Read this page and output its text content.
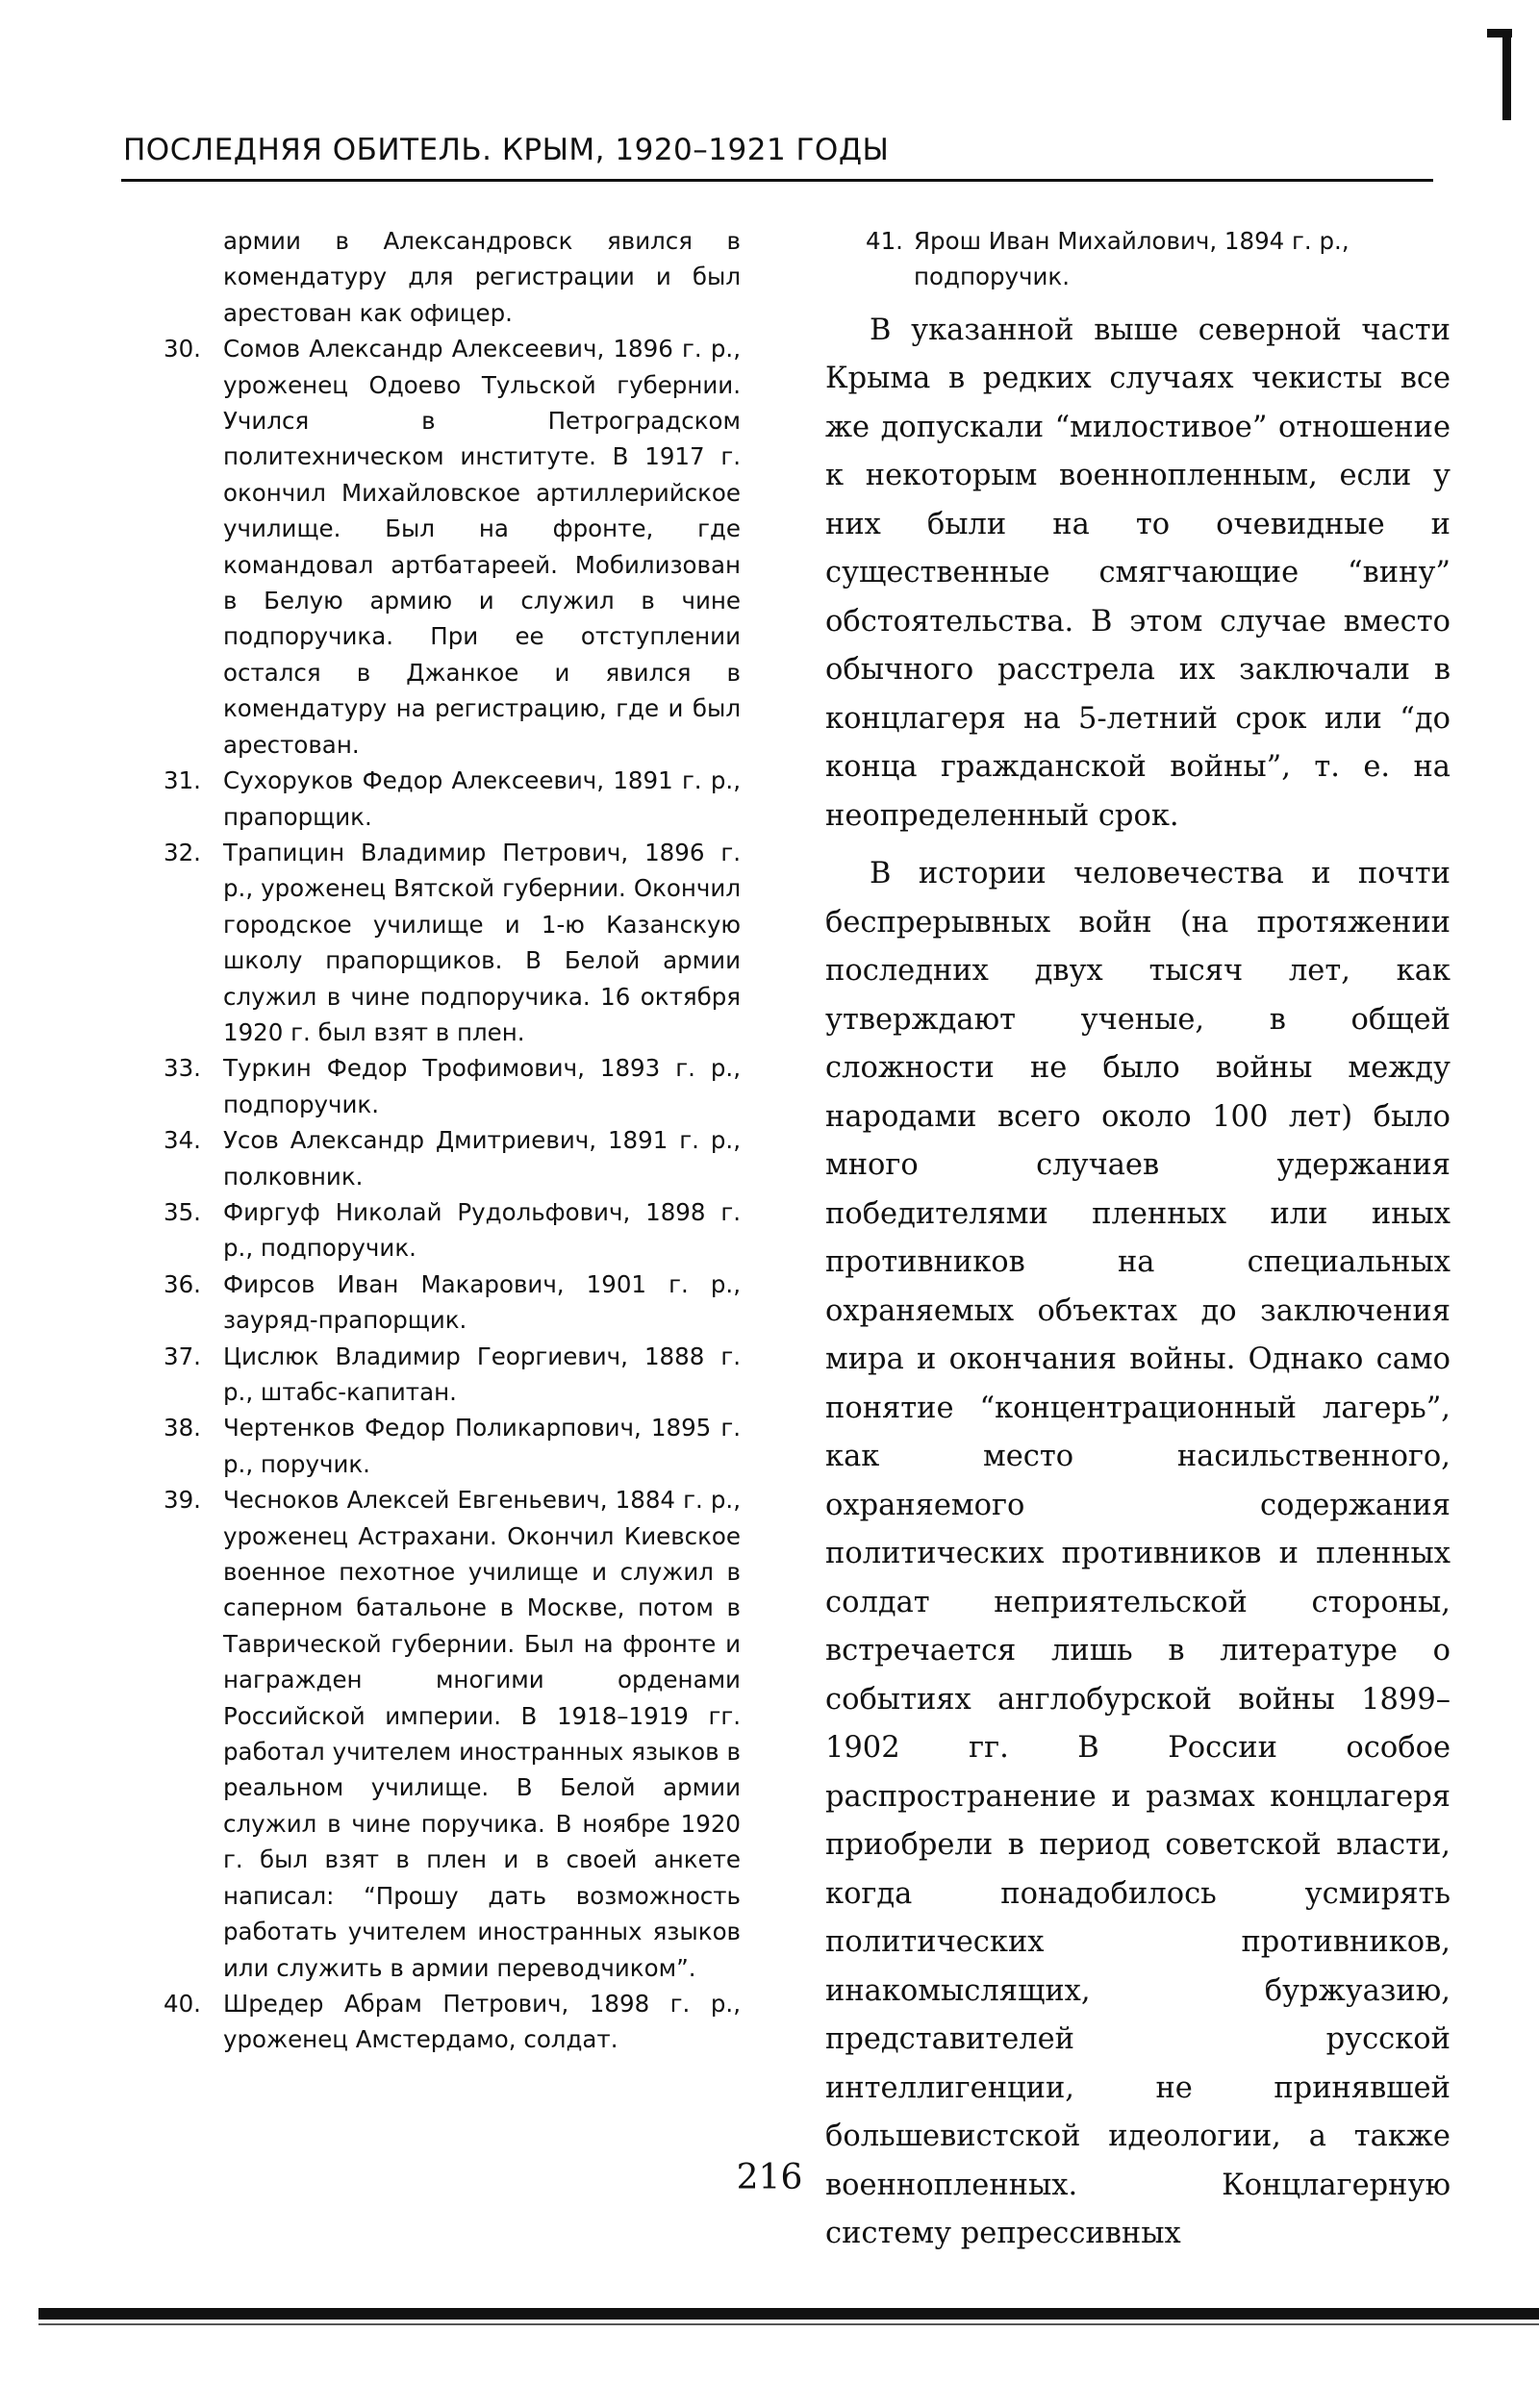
ПОСЛЕДНЯЯ ОБИТЕЛЬ. КРЫМ, 1920–1921 ГОДЫ

армии в Александровск явился в комендатуру для регистрации и был арестован как офицер.

30. Сомов Александр Алексеевич, 1896 г. р., уроженец Одоево Тульской губернии. Учился в Петроградском политехническом институте. В 1917 г. окончил Михайловское артиллерийское училище. Был на фронте, где командовал артбатареей. Мобилизован в Белую армию и служил в чине подпоручика. При ее отступлении остался в Джанкое и явился в комендатуру на регистрацию, где и был арестован.
31. Сухоруков Федор Алексеевич, 1891 г. р., прапорщик.
32. Трапицин Владимир Петрович, 1896 г. р., уроженец Вятской губернии. Окончил городское училище и 1-ю Казанскую школу прапорщиков. В Белой армии служил в чине подпоручика. 16 октября 1920 г. был взят в плен.
33. Туркин Федор Трофимович, 1893 г. р., подпоручик.
34. Усов Александр Дмитриевич, 1891 г. р., полковник.
35. Фиргуф Николай Рудольфович, 1898 г. р., подпоручик.
36. Фирсов Иван Макарович, 1901 г. р., зауряд-прапорщик.
37. Цислюк Владимир Георгиевич, 1888 г. р., штабс-капитан.
38. Чертенков Федор Поликарпович, 1895 г. р., поручик.
39. Чесноков Алексей Евгеньевич, 1884 г. р., уроженец Астрахани. Окончил Киевское военное пехотное училище и служил в саперном батальоне в Москве, потом в Таврической губернии. Был на фронте и награжден многими орденами Российской империи. В 1918–1919 гг. работал учителем иностранных языков в реальном училище. В Белой армии служил в чине поручика. В ноябре 1920 г. был взят в плен и в своей анкете написал: “Прошу дать возможность работать учителем иностранных языков или служить в армии переводчиком”.
40. Шредер Абрам Петрович, 1898 г. р., уроженец Амстердамо, солдат.
41. Ярош Иван Михайлович, 1894 г. р., подпоручик.

В указанной выше северной части Крыма в редких случаях чекисты все же допускали “милостивое” отношение к некоторым военнопленным, если у них были на то очевидные и существенные смягчающие “вину” обстоятельства. В этом случае вместо обычного расстрела их заключали в концлагеря на 5-летний срок или “до конца гражданской войны”, т. е. на неопределенный срок.

В истории человечества и почти беспрерывных войн (на протяжении последних двух тысяч лет, как утверждают ученые, в общей сложности не было войны между народами всего около 100 лет) было много случаев удержания победителями пленных или иных противников на специальных охраняемых объектах до заключения мира и окончания войны. Однако само понятие “концентрационный лагерь”, как место насильственного, охраняемого содержания политических противников и пленных солдат неприятельской стороны, встречается лишь в литературе о событиях англобурской войны 1899–1902 гг. В России особое распространение и размах концлагеря приобрели в период советской власти, когда понадобилось усмирять политических противников, инакомыслящих, буржуазию, представителей русской интеллигенции, не принявшей большевистской идеологии, а также военнопленных. Концлагерную систему репрессивных

216
